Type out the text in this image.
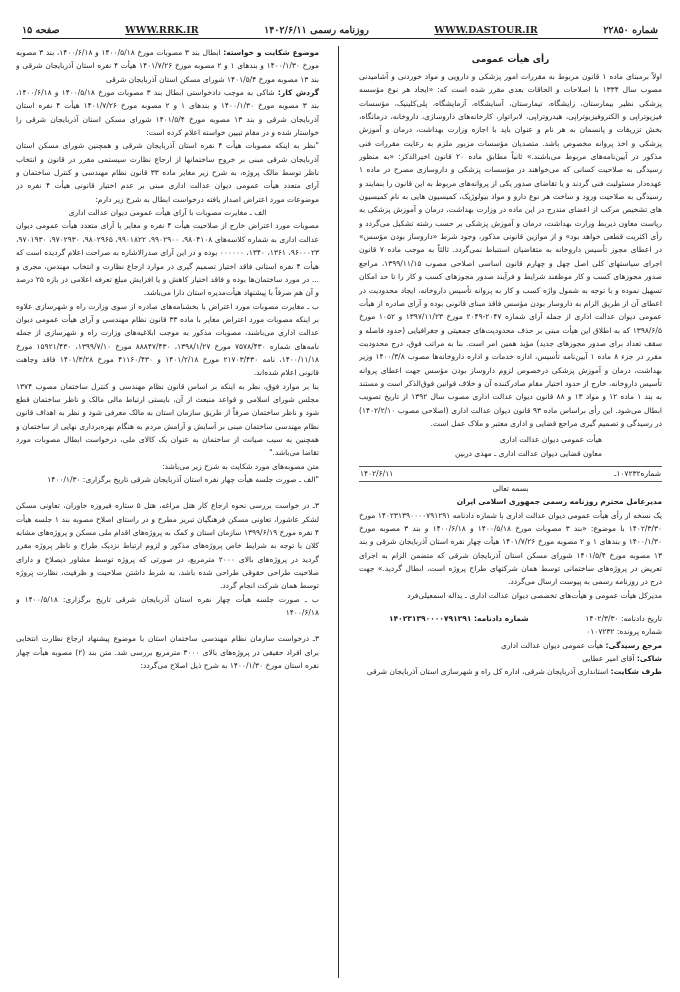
صفحه ۱۵	WWW.RRK.IR	روزنامه رسمی ۱۴۰۲/۶/۱۱	WWW.DASTOUR.IR	شماره ۲۲۸۵۰

رأی هیأت عمومی

اولاً برمبنای ماده ۱ قانون مربوط به مقررات امور پزشکی و دارویی و مواد خوردنی و آشامیدنی مصوب سال ۱۳۳۴ با اصلاحات و الحاقات بعدی مقرر شده است که: «ایجاد هر نوع مؤسسه پزشکی نظیر بیمارستان، زایشگاه، تیمارستان، آسایشگاه، آزمایشگاه، پلی‌کلینیک، مؤسسات فیزیوتراپی و الکتروفیزیوتراپی، هیدروتراپی، لابراتوار، کارخانه‌های داروسازی، داروخانه، درمانگاه، بخش تزریقات و پانسمان به هر نام و عنوان باید با اجازه وزارت بهداشت، درمان و آموزش پزشکی و اخذ پروانه مخصوص باشد. متصدیان مؤسسات مزبور ملزم به رعایت مقررات فنی مذکور در آیین‌نامه‌های مربوط می‌باشند.» ثانیاً مطابق ماده ۲۰ قانون اخیرالذکر: «به منظور رسیدگی به صلاحیت کسانی که می‌خواهند در مؤسسات پزشکی و داروسازی مصرح در ماده ۱ عهده‌دار مسئولیت فنی گردند و یا تقاضای صدور یکی از پروانه‌های مربوط به این قانون را بنمایند و رسیدگی به صلاحیت ورود و ساخت هر نوع دارو و مواد بیولوژیک، کمیسیون هایی به نام کمیسیون های تشخیص مرکب از اعضای مندرج در این ماده در وزارت بهداشت، درمان و آموزش پزشکی به ریاست معاون ذیربط وزارت بهداشت، درمان و آموزش پزشکی بر حسب رشته تشکیل می‌گردد و رأی اکثریت قطعی خواهد بود» و از موازین قانونی مذکور، وجود شرط «داروساز بودن مؤسس» در اعطای مجوز تأسیس داروخانه به متقاضیان استنباط نمی‌گردد. ثالثاً به موجب ماده ۷ قانون اجرای سیاستهای کلی اصل چهل و چهارم قانون اساسی اصلاحی مصوب ۱۳۹۹/۱۱/۱۵، مراجع صدور مجوزهای کسب و کار موظفند شرایط و فرآیند صدور مجوزهای کسب و کار را تا حد امکان تسهیل نموده و با توجه به شمول واژه کسب و کار به پروانه تأسیس داروخانه، ایجاد محدودیت در اعطای آن از طریق الزام به داروساز بودن مؤسس فاقد مبنای قانونی بوده و آرای صادره از هیأت عمومی دیوان عدالت اداری از جمله آرای شماره ۲۰۴۷-۲۰۴۹ مورخ ۱۳۹۷/۱۱/۲۳ و ۱۰۵۲ مورخ ۱۳۹۸/۶/۵ که به اطلاق این هیأت مبنی بر حذف محدودیت‌های جمعیتی و جغرافیایی (حدود فاصله و سقف تعداد برای صدور مجوزهای جدید) مؤید همین امر است. بنا به مراتب فوق، درج محدودیت مقرر در جزء ۸ ماده ۱ آیین‌نامه تأسیس، اداره خدمات و اداره داروخانه‌ها مصوب ۱۴۰۰/۳/۸ وزیر بهداشت، درمان و آموزش پزشکی درخصوص لزوم داروساز بودن مؤسس جهت اعطای پروانه تأسیس داروخانه، خارج از حدود اختیار مقام صادرکننده آن و خلاف قوانین فوق‌الذکر است و مستند به بند ۱ ماده ۱۲ و مواد ۱۳ و ۸۸ قانون دیوان عدالت اداری مصوب سال ۱۳۹۲ از تاریخ تصویب ابطال می‌شود. این رأی براساس ماده ۹۳ قانون دیوان عدالت اداری (اصلاحی مصوب ۱۴۰۲/۲/۱۰) در رسیدگی و تصمیم گیری مراجع قضایی و اداری معتبر و ملاک عمل است.

هیأت عمومی دیوان عدالت اداری

معاون قضایی دیوان عدالت اداری ـ مهدی دربین

شماره۱۰۷۲۳۲ـ
۱۴۰۲/۶/۱۱

بسمه تعالی

مدیرعامل محترم روزنامه رسمی جمهوری اسلامی ایران

یک نسخه از رأی هیأت عمومی دیوان عدالت اداری با شماره دادنامه ۱۴۰۲۳۱۳۹۰۰۰۰۷۹۱۲۹۱ مورخ ۱۴۰۲/۳/۳۰ با موضوع: «بند ۳ مصوبات مورخ ۱۴۰۰/۵/۱۸ و ۱۴۰۰/۶/۱۸ و بند ۳ مصوبه مورخ ۱۴۰۰/۱/۳۰ و بندهای ۱ و ۲ مصوبه مورخ ۱۴۰۱/۷/۲۶ هیأت چهار نفره استان آذربایجان شرقی و بند ۱۳ مصوبه مورخ ۱۴۰۱/۵/۴ شورای مسکن استان آذربایجان شرقی که متضمن الزام به اجرای تعریض در پروژه‌های ساختمانی توسط همان شرکتهای طراح پروژه است، ابطال گردید.» جهت درج در روزنامه رسمی به پیوست ارسال می‌گردد.

مدیرکل هیأت عمومی و هیأت‌های تخصصی دیوان عدالت اداری ـ یداله اسمعیلی‌فرد

تاریخ دادنامه: ۱۴۰۲/۳/۳۰
شماره دادنامه: ۱۴۰۲۳۱۳۹۰۰۰۰۷۹۱۲۹۱

شماره پرونده: ۰۱۰۷۲۳۲

مرجع رسیدگی: هیأت عمومی دیوان عدالت اداری

شاکی: آقای امیر عطایی

طرف شکایت: استانداری آذربایجان شرقی، اداره کل راه و شهرسازی استان آذربایجان شرقی

موضوع شکایت و خواسته: ابطال بند ۳ مصوبات مورخ ۱۴۰۰/۵/۱۸ و ۱۴۰۰/۶/۱۸، بند ۳ مصوبه مورخ ۱۴۰۰/۱/۳۰ و بندهای ۱ و ۲ مصوبه مورخ ۱۴۰۱/۷/۲۶ هیأت ۴ نفره استان آذربایجان شرقی و بند ۱۳ مصوبه مورخ ۱۴۰۱/۵/۴ شورای مسکن استان آذربایجان شرقی

گردش کار: شاکی به موجب دادخواستی ابطال بند ۳ مصوبات مورخ ۱۴۰۰/۵/۱۸ و ۱۴۰۰/۶/۱۸، بند ۳ مصوبه مورخ ۱۴۰۰/۱/۳۰ و بندهای ۱ و ۲ مصوبه مورخ ۱۴۰۱/۷/۲۶ هیأت ۴ نفره استان آذربایجان شرقی و بند ۱۳ مصوبه مورخ ۱۴۰۱/۵/۴ شورای مسکن استان آذربایجان شرقی را خواستار شده و در مقام تبیین خواسته اعلام کرده است:

"نظر به اینکه مصوبات هیأت ۴ نفره استان آذربایجان شرقی و همچنین شورای مسکن استان آذربایجان شرقی مبنی بر خروج ساختمانها از ارجاع نظارت سیستمی مقرر در قانون و انتخاب ناظر توسط مالک پروژه، به شرح زیر مغایر ماده ۳۳ قانون نظام مهندسی و کنترل ساختمان و آرای متعدد هیأت عمومی دیوان عدالت اداری مبنی بر عدم اختیار قانونی هیأت ۴ نفره در موضوعات مورد اعتراض اصدار یافته درخواست ابطال به شرح زیر دارم:

الف ـ مغایرت مصوبات با آرای هیأت عمومی دیوان عدالت اداری

مصوبات مورد اعتراض خارج از صلاحیت هیأت ۴ نفره و مغایر با آرای متعدد هیأت عمومی دیوان عدالت اداری به شماره کلاسه‌های ۹۸۰۴۱۰۸، ۹۹۰۲۹۰۰، ۹۹۰۱۸۲۲، ۹۸۰۲۹۶۵، ۹۷۰۲۹۳۰، ۹۷۰۱۹۳۰، ۹۶۰۰۰۲۳، ۱۳۶۱، ۱۳۴۰، ۰۰۰۰۰۰ بوده و در این آرای صدرالاشاره به صراحت اعلام گردیده است که هیأت ۴ نفره استانی فاقد اختیار تصمیم گیری در موارد ارجاع نظارت و انتخاب مهندس، مجری و ... در مورد ساختمان‌ها بوده و فاقد اختیار کاهش و یا افزایش مبلغ تعرفه اعلامی در بازه ۲۵ درصد و آن هم صرفاً با پیشنهاد هیأت‌مدیره استان دارا می‌باشد.

ب ـ مغایرت مصوبات مورد اعتراض با بخشنامه‌های صادره از سوی وزارت راه و شهرسازی علاوه بر اینکه مصوبات مورد اعتراض مغایر با ماده ۳۳ قانون نظام مهندسی و آرای هیأت عمومی دیوان عدالت اداری می‌باشند، مصوبات مذکور به موجب ابلاغیه‌های وزارت راه و شهرسازی از جمله نامه‌های شماره ۷۵۷۸/۴۳۰ مورخ ۱۳۹۸/۱/۲۷، ۸۸۸۴۷/۴۳۰ مورخ ۱۳۹۹/۷/۱۰، ۱۵۹۲۱/۴۳۰ مورخ ۱۴۰۰/۱۱/۱۸، نامه ۲۱۷۰۳/۴۳۰ مورخ ۱۴۰۱/۲/۱۸ و ۴۱۱۶۰/۴۳۰ مورخ ۱۴۰۱/۳/۲۸ فاقد وجاهت قانونی اعلام شده‌اند.

بنا بر موارد فوق، نظر به اینکه بر اساس قانون نظام مهندسی و کنترل ساختمان مصوب ۱۳۷۴ مجلس شورای اسلامی و قواعد منبعث از آن، بایستی ارتباط مالی مالک و ناظر ساختمان قطع شود و ناظر ساختمان صرفاً از طریق سازمان استان به مالک معرفی شود و نظر به اهداف قانون نظام مهندسی ساختمان مبنی بر آسایش و آرامش مردم به هنگام بهره‌برداری نهایی از ساختمان و همچنین به سبب صیانت از ساختمان به عنوان یک کالای ملی، درخواست ابطال مصوبات مورد تقاضا می‌باشد."

متن مصوبه‌های مورد شکایت به شرح زیر می‌باشد:

"الف ـ صورت جلسه هیأت چهار نفره استان آذربایجان شرقی تاریخ برگزاری: ۱۴۰۰/۱/۳۰

۳ـ در خواست بررسی نحوه ارجاع کار هتل مراغه، هتل ۵ ستاره فیروزه خاوران، تعاونی مسکن لشکر عاشورا، تعاونی مسکن فرهنگیان تبریز مطرح و در راستای اصلاح مصوبه بند ۱ جلسه هیأت ۴ نفره مورخ ۱۳۹۹/۶/۱۹ سازمان استان و کمک به پروژه‌های اقدام ملی مسکن و پروژه‌های مشابه کلان با توجه به شرایط خاص پروژه‌های مذکور و لزوم ارتباط نزدیک طراح و ناظر پروژه مقرر گردید در پروژه‌های بالای ۲۰۰۰ مترمربع، در صورتی که پروژه توسط مشاور ذیصلاح و دارای صلاحیت طراحی حقوقی طراحی شده باشد، به شرط داشتن صلاحیت و ظرفیت، نظارت پروژه توسط همان شرکت انجام گردد.

ب ـ صورت جلسه هیأت چهار نفره استان آذربایجان شرقی تاریخ برگزاری: ۱۴۰۰/۵/۱۸ و ۱۴۰۰/۶/۱۸

۳ـ درخواست سازمان نظام مهندسی ساختمان استان با موضوع پیشنهاد ارجاع نظارت انتخابی برای افراد حقیقی در پروژه‌های بالای ۳۰۰۰ مترمربع بررسی شد. متن بند (۲) مصوبه هیأت چهار نفره استان مورخ ۱۴۰۰/۱/۳۰ به شرح ذیل اصلاح می‌گردد:
